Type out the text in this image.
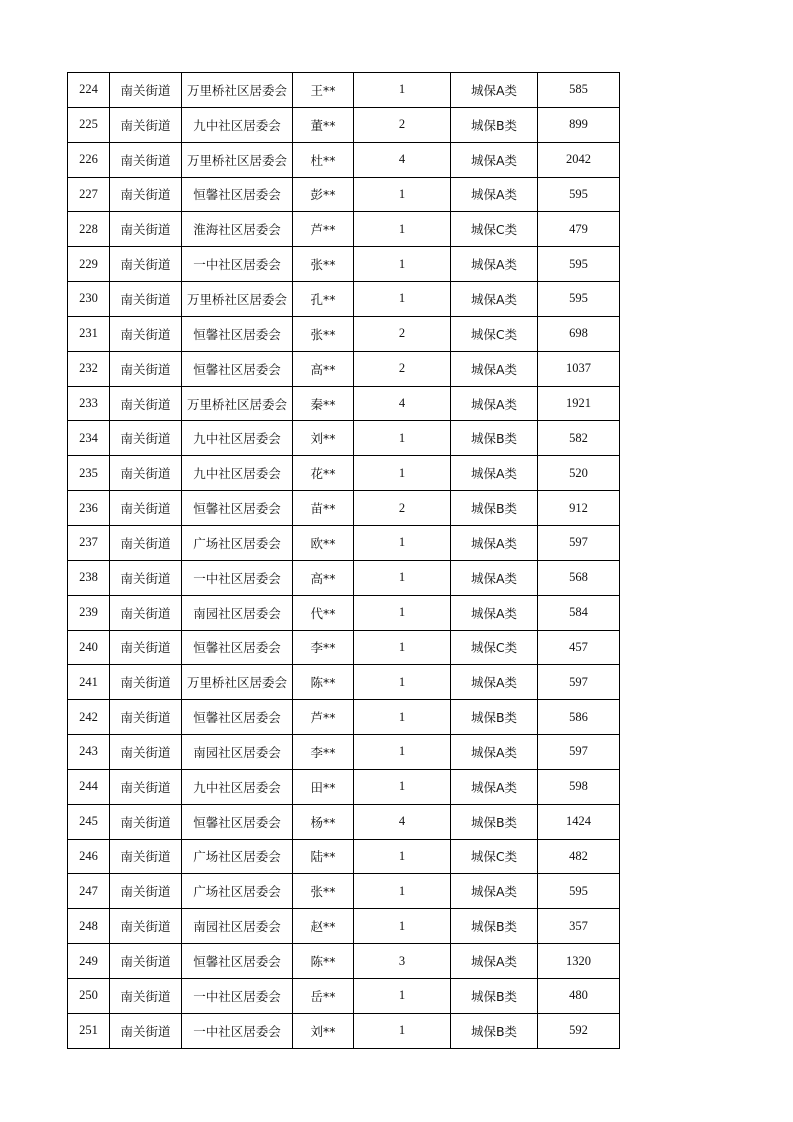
224	南关街道	万里桥社区居委会	王**	1	城保A类	585
225	南关街道	九中社区居委会	董**	2	城保B类	899
226	南关街道	万里桥社区居委会	杜**	4	城保A类	2042
227	南关街道	恒馨社区居委会	彭**	1	城保A类	595
228	南关街道	淮海社区居委会	芦**	1	城保C类	479
229	南关街道	一中社区居委会	张**	1	城保A类	595
230	南关街道	万里桥社区居委会	孔**	1	城保A类	595
231	南关街道	恒馨社区居委会	张**	2	城保C类	698
232	南关街道	恒馨社区居委会	高**	2	城保A类	1037
233	南关街道	万里桥社区居委会	秦**	4	城保A类	1921
234	南关街道	九中社区居委会	刘**	1	城保B类	582
235	南关街道	九中社区居委会	花**	1	城保A类	520
236	南关街道	恒馨社区居委会	苗**	2	城保B类	912
237	南关街道	广场社区居委会	欧**	1	城保A类	597
238	南关街道	一中社区居委会	高**	1	城保A类	568
239	南关街道	南园社区居委会	代**	1	城保A类	584
240	南关街道	恒馨社区居委会	李**	1	城保C类	457
241	南关街道	万里桥社区居委会	陈**	1	城保A类	597
242	南关街道	恒馨社区居委会	芦**	1	城保B类	586
243	南关街道	南园社区居委会	李**	1	城保A类	597
244	南关街道	九中社区居委会	田**	1	城保A类	598
245	南关街道	恒馨社区居委会	杨**	4	城保B类	1424
246	南关街道	广场社区居委会	陆**	1	城保C类	482
247	南关街道	广场社区居委会	张**	1	城保A类	595
248	南关街道	南园社区居委会	赵**	1	城保B类	357
249	南关街道	恒馨社区居委会	陈**	3	城保A类	1320
250	南关街道	一中社区居委会	岳**	1	城保B类	480
251	南关街道	一中社区居委会	刘**	1	城保B类	592
